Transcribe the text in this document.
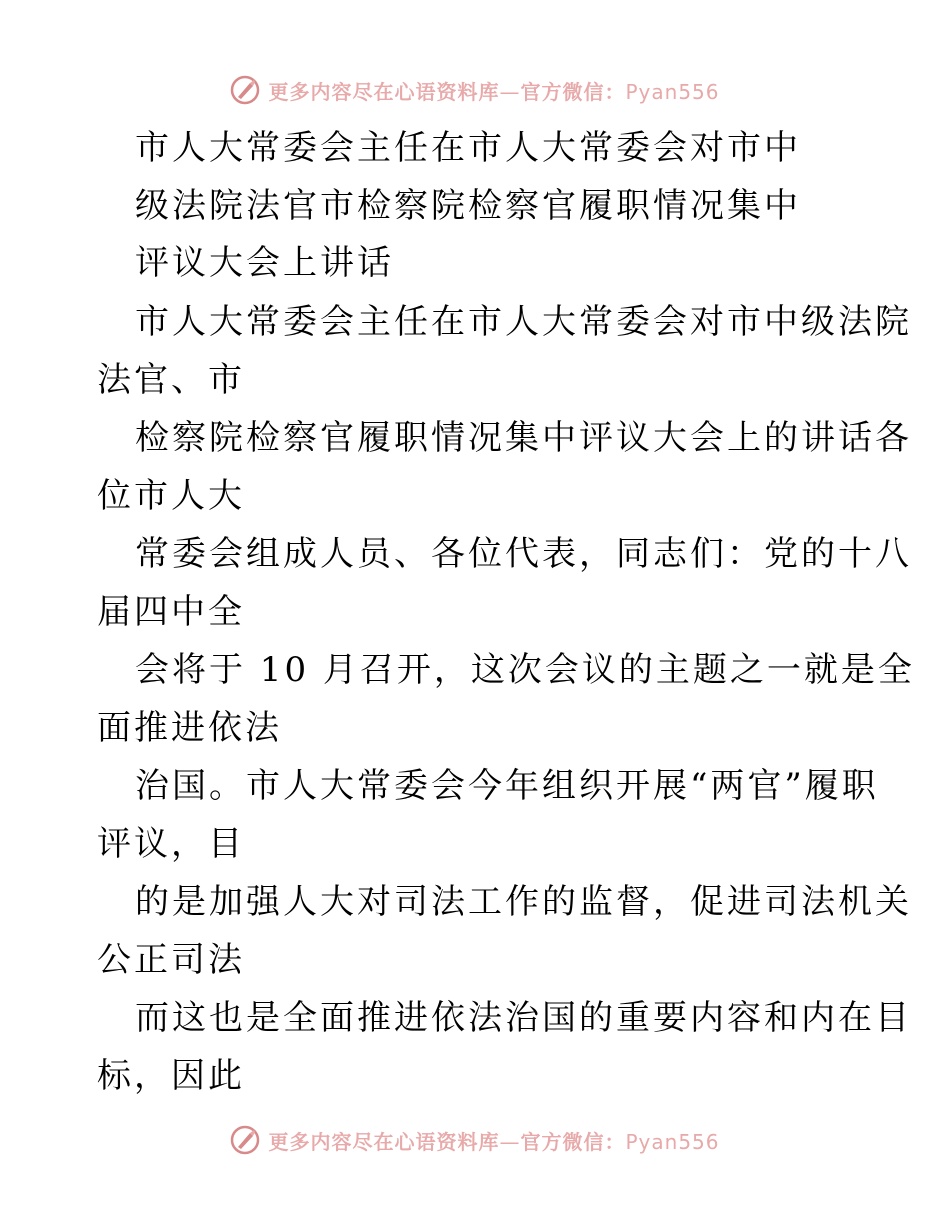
更多内容尽在心语资料库—官方微信：Pyan556
市人大常委会主任在市人大常委会对市中
级法院法官市检察院检察官履职情况集中
评议大会上讲话
市人大常委会主任在市人大常委会对市中级法院
法官、市
检察院检察官履职情况集中评议大会上的讲话各
位市人大
常委会组成人员、各位代表，同志们：党的十八
届四中全
会将于 10 月召开，这次会议的主题之一就是全
面推进依法
治国。市人大常委会今年组织开展“两官”履职
评议，目
的是加强人大对司法工作的监督，促进司法机关
公正司法
而这也是全面推进依法治国的重要内容和内在目
标，因此
更多内容尽在心语资料库—官方微信：Pyan556
